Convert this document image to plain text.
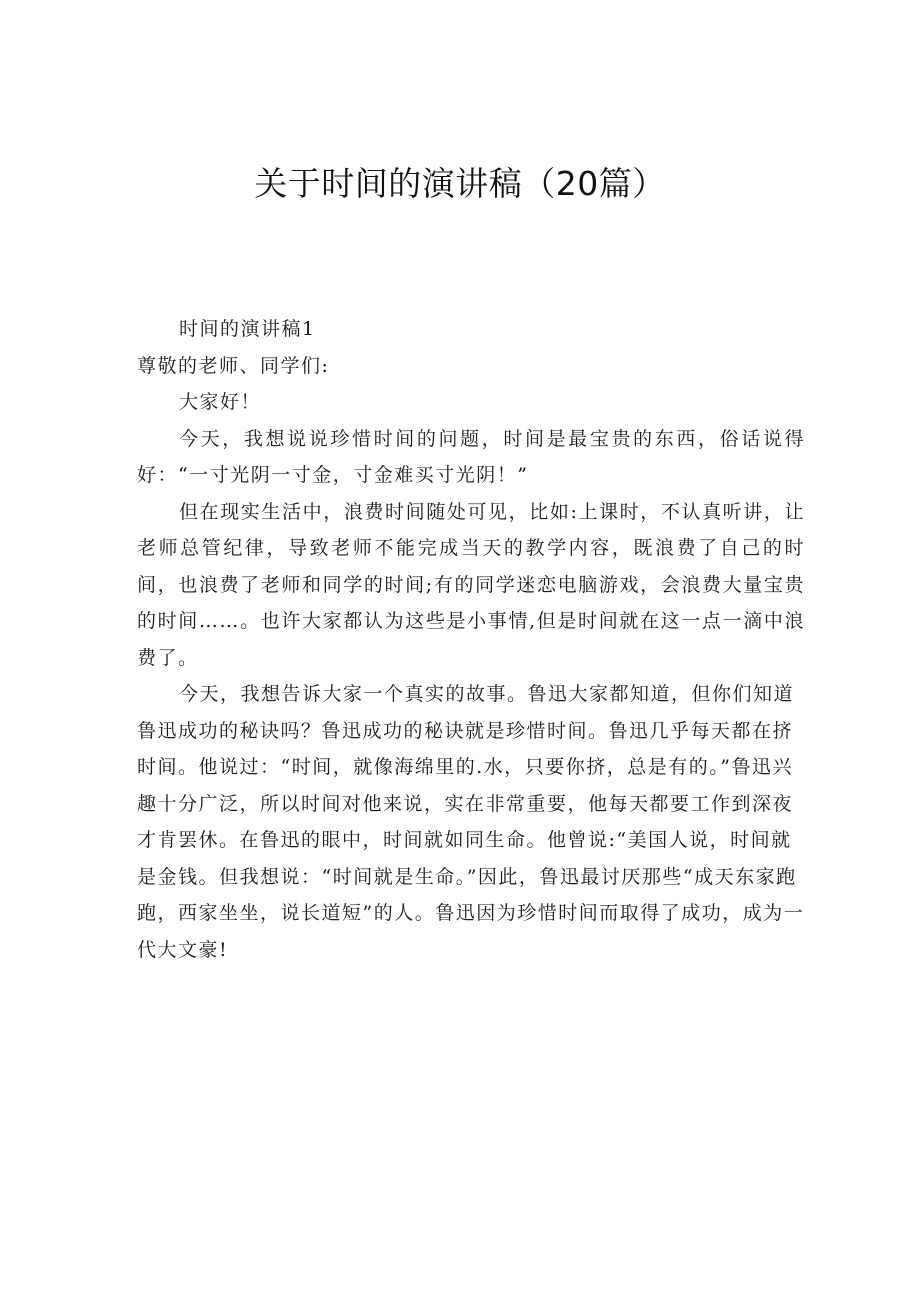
关于时间的演讲稿（20篇）

时间的演讲稿1

尊敬的老师、同学们:

大家好！

今天，我想说说珍惜时间的问题，时间是最宝贵的东西，俗话说得好：“一寸光阴一寸金，寸金难买寸光阴！”

但在现实生活中，浪费时间随处可见，比如:上课时，不认真听讲，让老师总管纪律，导致老师不能完成当天的教学内容，既浪费了自己的时间，也浪费了老师和同学的时间;有的同学迷恋电脑游戏，会浪费大量宝贵的时间……。也许大家都认为这些是小事情,但是时间就在这一点一滴中浪费了。

今天，我想告诉大家一个真实的故事。鲁迅大家都知道，但你们知道鲁迅成功的秘诀吗？鲁迅成功的秘诀就是珍惜时间。鲁迅几乎每天都在挤时间。他说过：“时间，就像海绵里的.水，只要你挤，总是有的。”鲁迅兴趣十分广泛，所以时间对他来说，实在非常重要，他每天都要工作到深夜才肯罢休。在鲁迅的眼中，时间就如同生命。他曾说:“美国人说，时间就是金钱。但我想说：“时间就是生命。”因此，鲁迅最讨厌那些“成天东家跑跑，西家坐坐，说长道短”的人。鲁迅因为珍惜时间而取得了成功，成为一代大文豪!
